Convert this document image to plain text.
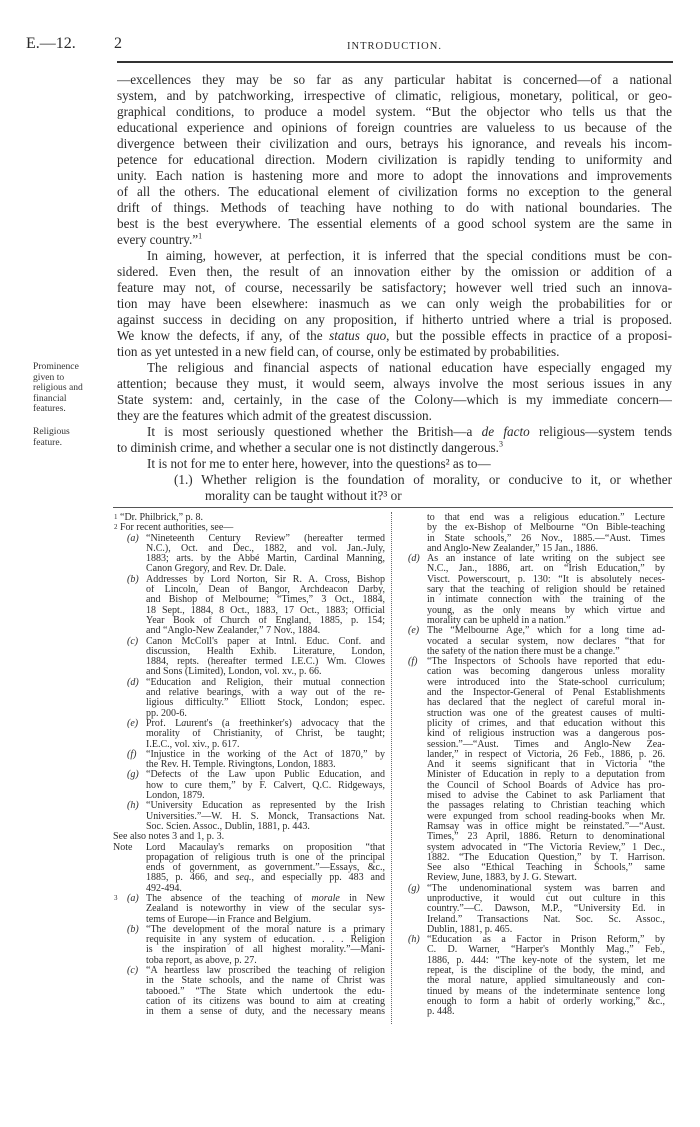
E.—12. 2	INTRODUCTION.
Prominence
given to
religious and
financial
features.
Religious
feature.
—excellences they may be so far as any particular habitat is concerned—of a national
system, and by patchworking, irrespective of climatic, religious, monetary, political, or geo-
graphical conditions, to produce a model system. “But the objector who tells us that the
educational experience and opinions of foreign countries are valueless to us because of the
divergence between their civilization and ours, betrays his ignorance, and reveals his incom-
petence for educational direction. Modern civilization is rapidly tending to uniformity and
unity. Each nation is hastening more and more to adopt the innovations and improvements
of all the others. The educational element of civilization forms no exception to the general
drift of things. Methods of teaching have nothing to do with national boundaries. The
best is the best everywhere. The essential elements of a good school system are the same in
every country.”$^1$
In aiming, however, at perfection, it is inferred that the special conditions must be con-
sidered. Even then, the result of an innovation either by the omission or addition of a
feature may not, of course, necessarily be satisfactory; however well tried such an innova-
tion may have been elsewhere: inasmuch as we can only weigh the probabilities for or
against success in deciding on any proposition, if hitherto untried where a trial is proposed.
We know the defects, if any, of the status quo, but the possible effects in practice of a proposi-
tion as yet untested in a new field can, of course, only be estimated by probabilities.
The religious and financial aspects of national education have especially engaged my
attention; because they must, it would seem, always involve the most serious issues in any
State system: and, certainly, in the case of the Colony—which is my immediate concern—
they are the features which admit of the greatest discussion.
It is most seriously questioned whether the British—a de facto religious—system tends
to diminish crime, and whether a secular one is not distinctly dangerous.$^3$
It is not for me to enter here, however, into the questions² as to—
(1.) Whether religion is the foundation of morality, or conducive to it, or whether
morality can be taught without it?³ or
1 “Dr. Philbrick,” p. 8.
2 For recent authorities, see—
(a) “Nineteenth Century Review” (hereafter termed
N.C.), Oct. and Dec., 1882, and vol. Jan.-July,
1883; arts. by the Abbé Martin, Cardinal Manning,
Canon Gregory, and Rev. Dr. Dale.
(b) Addresses by Lord Norton, Sir R. A. Cross, Bishop
of Lincoln, Dean of Bangor, Archdeacon Darby,
and Bishop of Melbourne; “Times,” 3 Oct., 1884,
18 Sept., 1884, 8 Oct., 1883, 17 Oct., 1883; Official
Year Book of Church of England, 1885, p. 154;
and “Anglo-New Zealander,” 7 Nov., 1884.
(c) Canon McColl's paper at Intnl. Educ. Conf. and
discussion, Health Exhib. Literature, London,
1884, repts. (hereafter termed I.E.C.) Wm. Clowes
and Sons (Limited), London, vol. xv., p. 66.
(d) “Education and Religion, their mutual connection
and relative bearings, with a way out of the re-
ligious difficulty.” Elliott Stock, London; espec.
pp. 200-6.
(e) Prof. Laurent's (a freethinker's) advocacy that the
morality of Christianity, of Christ, be taught;
I.E.C., vol. xiv., p. 617.
(f) “Injustice in the working of the Act of 1870,” by
the Rev. H. Temple. Rivingtons, London, 1883.
(g) “Defects of the Law upon Public Education, and
how to cure them,” by F. Calvert, Q.C. Ridgeways,
London, 1879.
(h) “University Education as represented by the Irish
Universities.”—W. H. S. Monck, Transactions Nat.
Soc. Scien. Assoc., Dublin, 1881, p. 443.
See also notes 3 and 1, p. 3.
Note Lord Macaulay's remarks on proposition “that
propagation of religious truth is one of the principal
ends of government, as government.”—Essays, &c.,
1885, p. 466, and seq., and especially pp. 483 and
492-494.
3 (a) The absence of the teaching of morale in New
Zealand is noteworthy in view of the secular sys-
tems of Europe—in France and Belgium.
(b) “The development of the moral nature is a primary
requisite in any system of education. . . . Religion
is the inspiration of all highest morality.”—Mani-
toba report, as above, p. 27.
(c) “A heartless law proscribed the teaching of religion
in the State schools, and the name of Christ was
tabooed.” “The State which undertook the edu-
cation of its citizens was bound to aim at creating
in them a sense of duty, and the necessary means
to that end was a religious education.” Lecture
by the ex-Bishop of Melbourne “On Bible-teaching
in State schools,” 26 Nov., 1885.—“Aust. Times
and Anglo-New Zealander,” 15 Jan., 1886.
(d) As an instance of late writing on the subject see
N.C., Jan., 1886, art. on “Irish Education,” by
Visct. Powerscourt, p. 130: “It is absolutely neces-
sary that the teaching of religion should be retained
in intimate connection with the training of the
young, as the only means by which virtue and
morality can be upheld in a nation.”
(e) The “Melbourne Age,” which for a long time ad-
vocated a secular system, now declares “that for
the safety of the nation there must be a change.”
(f) “The Inspectors of Schools have reported that edu-
cation was becoming dangerous unless morality
were introduced into the State-school curriculum;
and the Inspector-General of Penal Establishments
has declared that the neglect of careful moral in-
struction was one of the greatest causes of multi-
plicity of crimes, and that education without this
kind of religious instruction was a dangerous pos-
session.”—“Aust. Times and Anglo-New Zea-
lander,” in respect of Victoria, 26 Feb., 1886, p. 26.
And it seems significant that in Victoria “the
Minister of Education in reply to a deputation from
the Council of School Boards of Advice has pro-
mised to advise the Cabinet to ask Parliament that
the passages relating to Christian teaching which
were expunged from school reading-books when Mr.
Ramsay was in office might be reinstated.”—“Aust.
Times,” 23 April, 1886. Return to denominational
system advocated in “The Victoria Review,” 1 Dec.,
1882. “The Education Question,” by T. Harrison.
See also “Ethical Teaching in Schools,” same
Review, June, 1883, by J. G. Stewart.
(g) “The undenominational system was barren and
unproductive, it would cut out culture in this
country.”—C. Dawson, M.P., “University Ed. in
Ireland.” Transactions Nat. Soc. Sc. Assoc.,
Dublin, 1881, p. 465.
(h) “Education as a Factor in Prison Reform,” by
C. D. Warner, “Harper's Monthly Mag.,” Feb.,
1886, p. 444: “The key-note of the system, let me
repeat, is the discipline of the body, the mind, and
the moral nature, applied simultaneously and con-
tinued by means of the indeterminate sentence long
enough to form a habit of orderly working,” &c.,
p. 448.
